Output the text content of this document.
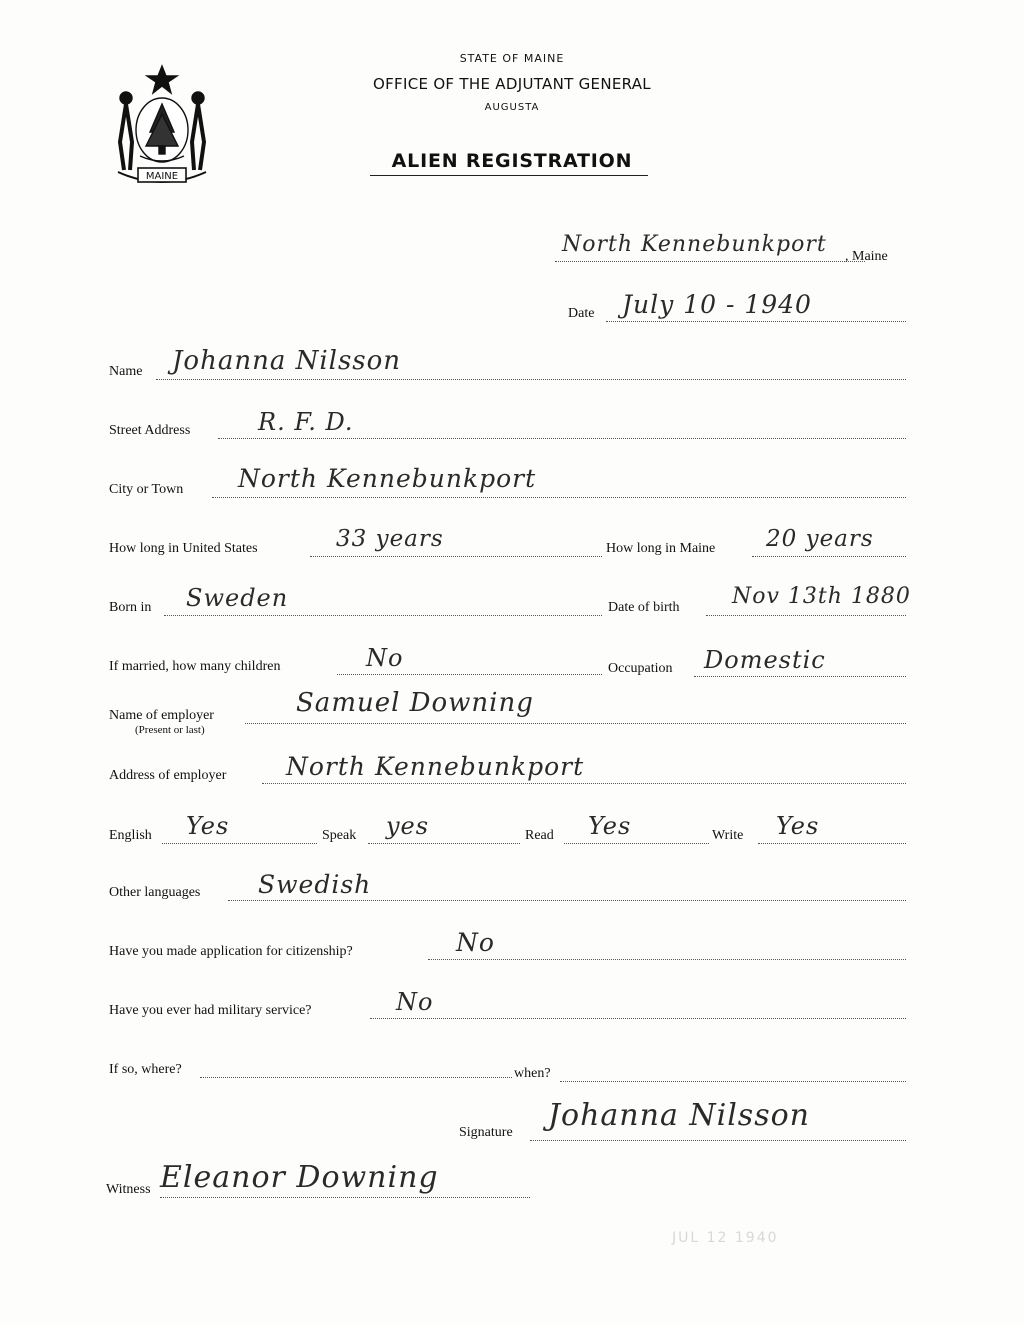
MAINE
STATE OF MAINE
OFFICE OF THE ADJUTANT GENERAL
AUGUSTA
ALIEN REGISTRATION
North Kennebunkport , Maine
Date July 10 - 1940
Name Johanna Nilsson
Street Address	R. F. D.
City or Town North Kennebunkport
How long in United States	33 years	How long in Maine 20 years
Born in Sweden	Date of birth Nov 13th 1880
If married, how many children	No	Occupation Domestic
Name of employer
(Present or last)
Samuel Downing
Address of employer North Kennebunkport
English Yes	Speak yes	Read Yes	Write Yes
Other languages Swedish
Have you made application for citizenship?	No
Have you ever had military service?	No
If so, where?	when?
Signature Johanna Nilsson
Witness Eleanor Downing
JUL 12 1940
